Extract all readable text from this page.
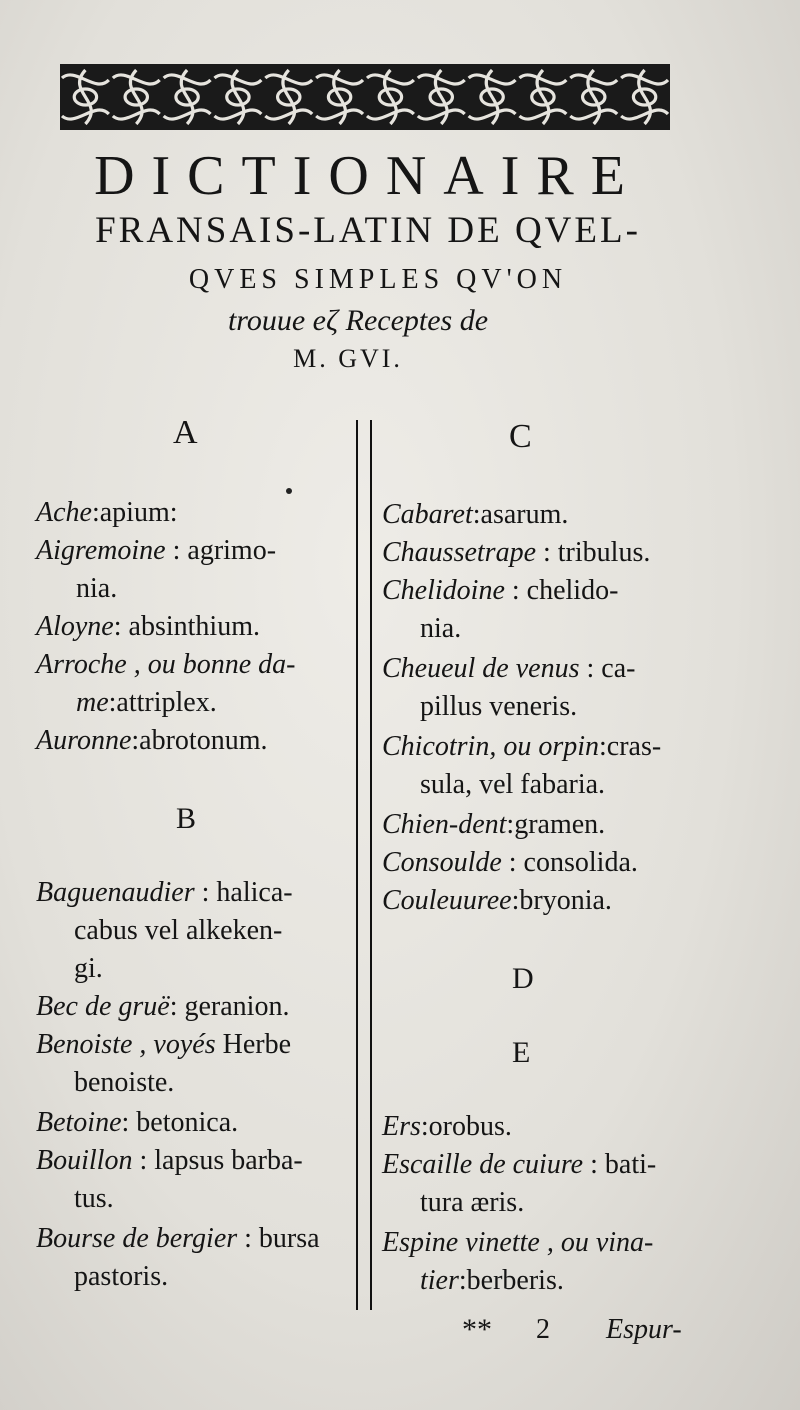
DICTIONAIRE
FRANSAIS-LATIN DE QVEL-
QVES SIMPLES QV'ON
trouue eζ Receptes de
M. GVI.
A
Ache:apium:
Aigremoine : agrimo-
nia.
Aloyne: absinthium.
Arroche , ou bonne da-
me:attriplex.
Auronne:abrotonum.
B
Baguenaudier : halica-
cabus vel alkeken-
gi.
Bec de gruë: geranion.
Benoiste , voyés Herbe
benoiste.
Betoine: betonica.
Bouillon : lapsus barba-
tus.
Bourse de bergier : bursa
pastoris.
C
Cabaret:asarum.
Chaussetrape : tribulus.
Chelidoine : chelido-
nia.
Cheueul de venus : ca-
pillus veneris.
Chicotrin, ou orpin:cras-
sula, vel fabaria.
Chien-dent:gramen.
Consoulde : consolida.
Couleuuree:bryonia.
D
E
Ers:orobus.
Escaille de cuiure : bati-
tura æris.
Espine vinette , ou vina-
tier:berberis.
** 2 Espur-
